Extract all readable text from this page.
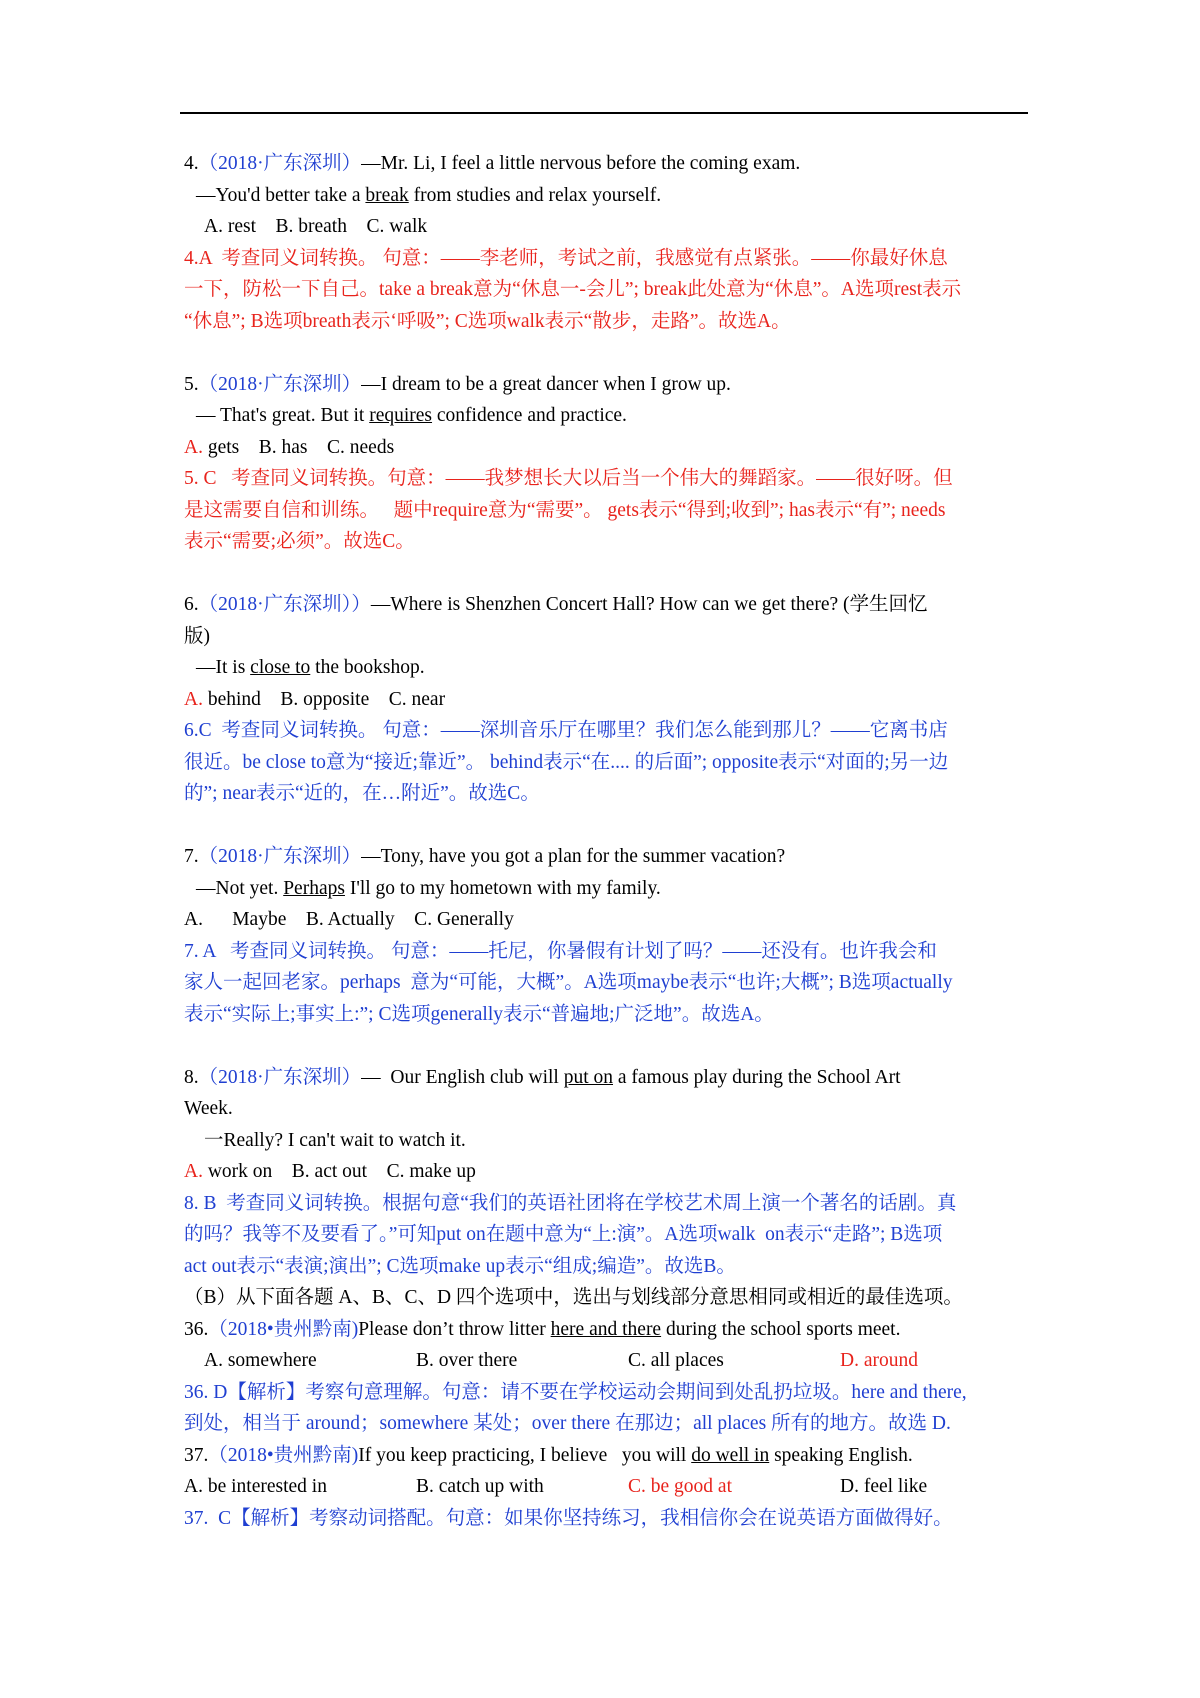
4.（2018·广东深圳）—Mr. Li, I feel a little nervous before the coming exam.
—You'd better take a break from studies and relax yourself.
A. rest    B. breath    C. walk
4.A  考查同义词转换。 句意：——李老师，考试之前，我感觉有点紧张。——你最好休息
一下，防松一下自己。take a break意为“休息一-会儿”; break此处意为“休息”。A选项rest表示
“休息”; B选项breath表示‘呼吸”; C选项walk表示“散步，走路”。故选A。
5.（2018·广东深圳）—I dream to be a great dancer when I grow up.
— That's great. But it requires confidence and practice.
A. gets    B. has    C. needs
5. C   考查同义词转换。句意：——我梦想长大以后当一个伟大的舞蹈家。——很好呀。但
是这需要自信和训练。   题中require意为“需要”。 gets表示“得到;收到”; has表示“有”; needs
表示“需要;必须”。故选C。
6.（2018·广东深圳））—Where is Shenzhen Concert Hall? How can we get there? (学生回忆
版)
—It is close to the bookshop.
A. behind    B. opposite    C. near
6.C  考查同义词转换。 句意：——深圳音乐厅在哪里？我们怎么能到那儿？——它离书店
很近。be close to意为“接近;靠近”。 behind表示“在.... 的后面”; opposite表示“对面的;另一边
的”; near表示“近的，在…附近”。故选C。
7.（2018·广东深圳）—Tony, have you got a plan for the summer vacation?
—Not yet. Perhaps I'll go to my hometown with my family.
A.      Maybe    B. Actually    C. Generally
7. A   考查同义词转换。 句意：——托尼，你暑假有计划了吗？——还没有。也许我会和
家人一起回老家。perhaps  意为“可能，大概”。A选项maybe表示“也许;大概”; B选项actually
表示“实际上;事实上:”; C选项generally表示“普遍地;广泛地”。故选A。
8.（2018·广东深圳）—  Our English club will put on a famous play during the School Art
Week.
一Really? I can't wait to watch it.
A. work on    B. act out    C. make up
8. B  考查同义词转换。根据句意“我们的英语社团将在学校艺术周上演一个著名的话剧。真
的吗？我等不及要看了。”可知put on在题中意为“上:演”。A选项walk  on表示“走路”; B选项
act out表示“表演;演出”; C选项make up表示“组成;编造”。故选B。
（B）从下面各题 A、B、C、D 四个选项中，选出与划线部分意思相同或相近的最佳选项。
36.（2018•贵州黔南)Please don’t throw litter here and there during the school sports meet.
A. somewhere	B. over there	C. all places	D. around
36. D【解析】考察句意理解。句意：请不要在学校运动会期间到处乱扔垃圾。here and there,
到处，相当于 around；somewhere 某处；over there 在那边；all places 所有的地方。故选 D.
37.（2018•贵州黔南)If you keep practicing, I believe   you will do well in speaking English.
A. be interested in	B. catch up with	C. be good at	D. feel like
37.  C【解析】考察动词搭配。句意：如果你坚持练习，我相信你会在说英语方面做得好。
